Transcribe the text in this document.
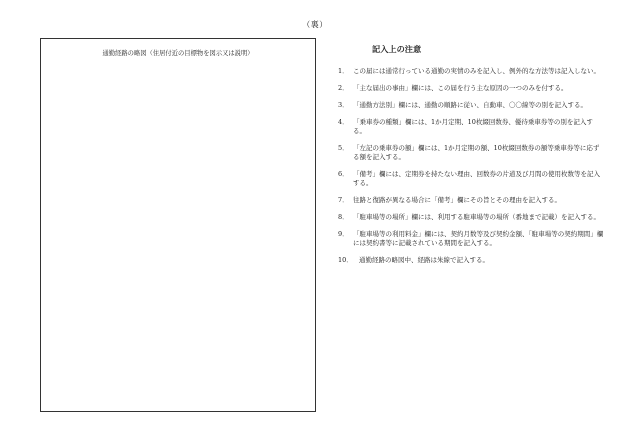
（裏）
通勤経路の略図（住居付近の目標物を図示又は説明）	記入上の注意
1． この届には通常行っている通勤の実情のみを記入し、例外的な方法等は記入しない。
2． 「主な届出の事由」欄には、この届を行う主な原因の一つのみを付する。
3． 「通勤方法別」欄には、通勤の順路に従い、自動車、〇〇線等の別を記入する。
4． 「乗車券の種類」欄には、1か月定期、10枚綴回数券、優待乗車券等の別を記入する。
5． 「左記の乗車券の額」欄には、1か月定期の額、10枚綴回数券の額等乗車券等に応ずる額を記入する。
6． 「備考」欄には、定期券を持たない理由、回数券の片道及び月間の使用枚数等を記入する。
7． 往路と復路が異なる場合に「備考」欄にその旨とその理由を記入する。
8． 「駐車場等の場所」欄には、利用する駐車場等の場所（番地まで記載）を記入する。
9． 「駐車場等の利用料金」欄には、契約月数等及び契約金額、「駐車場等の契約期間」欄には契約書等に記載されている期間を記入する。
10． 通勤経路の略図中、経路は朱線で記入する。
